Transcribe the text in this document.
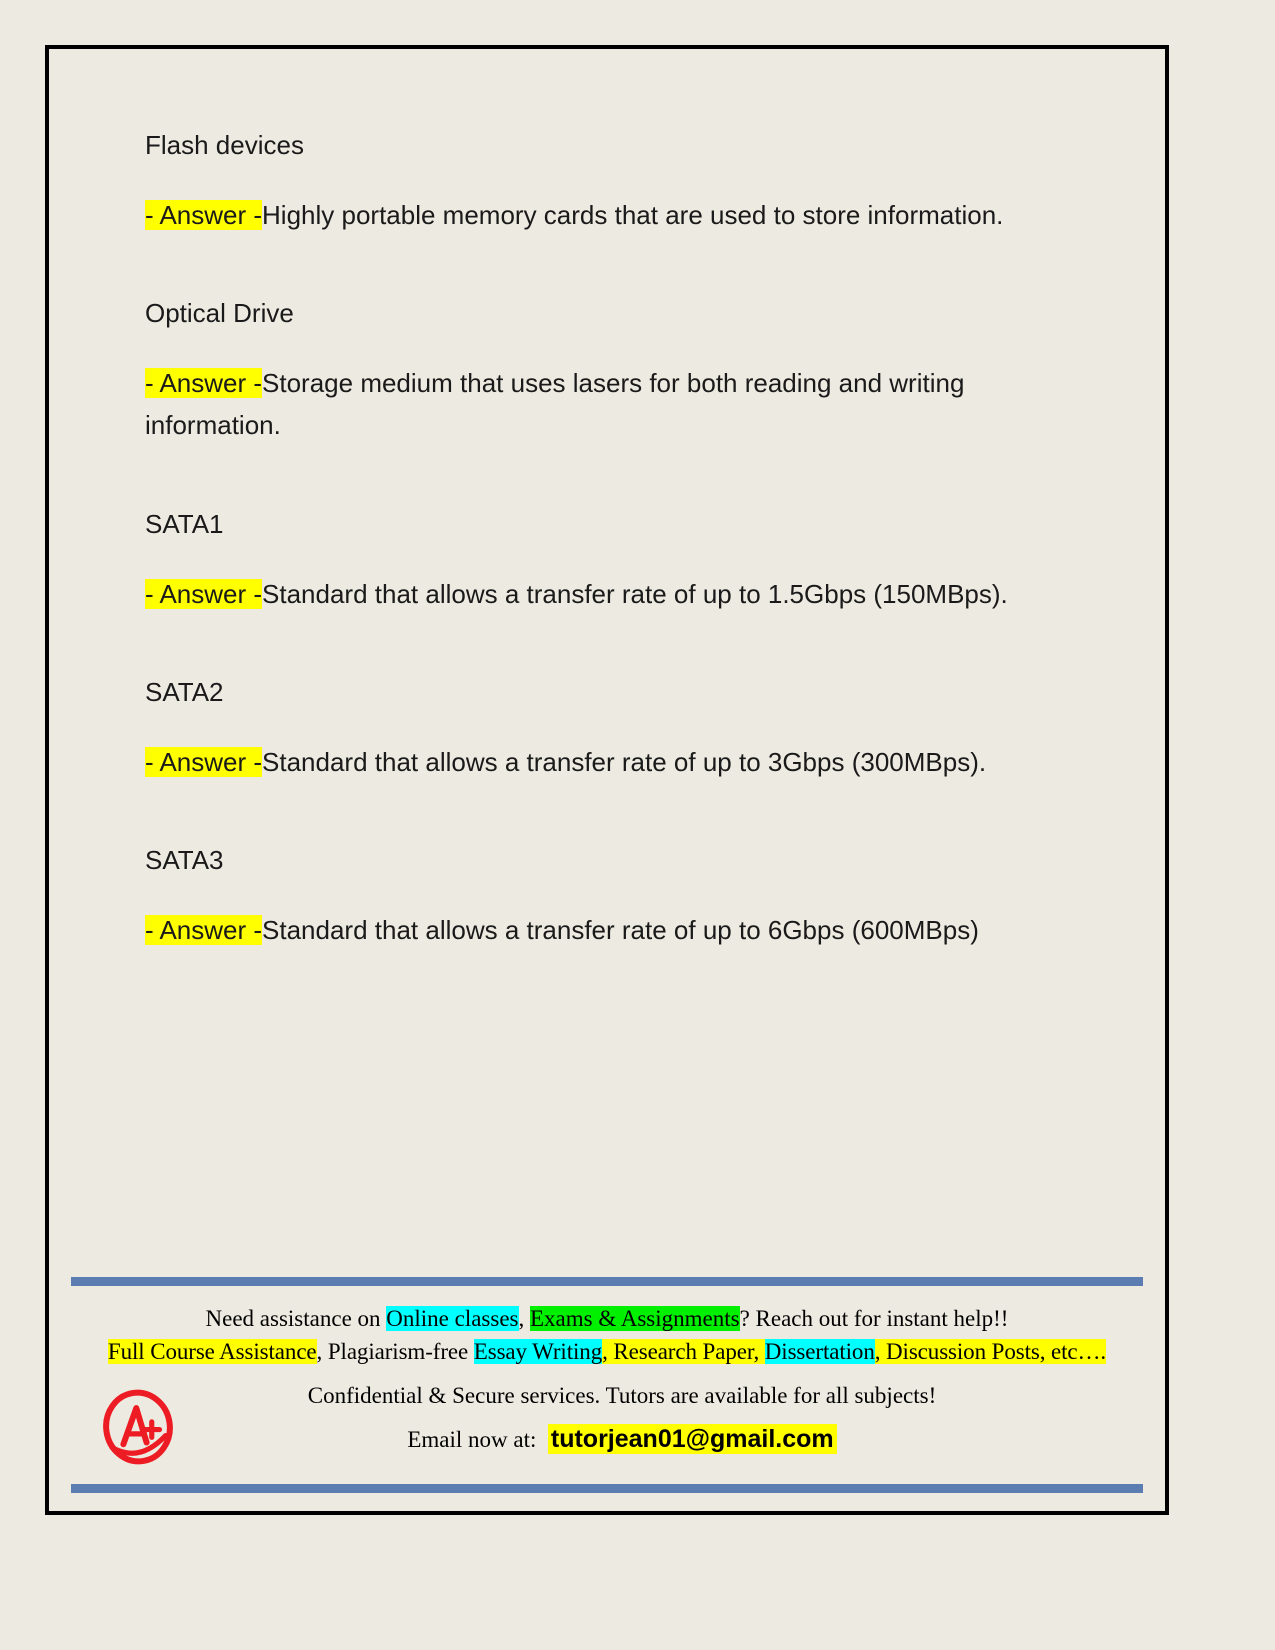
Flash devices

- Answer -Highly portable memory cards that are used to store information.

Optical Drive

- Answer -Storage medium that uses lasers for both reading and writing information.

SATA1

- Answer -Standard that allows a transfer rate of up to 1.5Gbps (150MBps).

SATA2

- Answer -Standard that allows a transfer rate of up to 3Gbps (300MBps).

SATA3

- Answer -Standard that allows a transfer rate of up to 6Gbps (600MBps)

Need assistance on Online classes, Exams & Assignments? Reach out for instant help!!
Full Course Assistance, Plagiarism-free Essay Writing, Research Paper, Dissertation, Discussion Posts, etc….
Confidential & Secure services. Tutors are available for all subjects!
Email now at: tutorjean01@gmail.com
